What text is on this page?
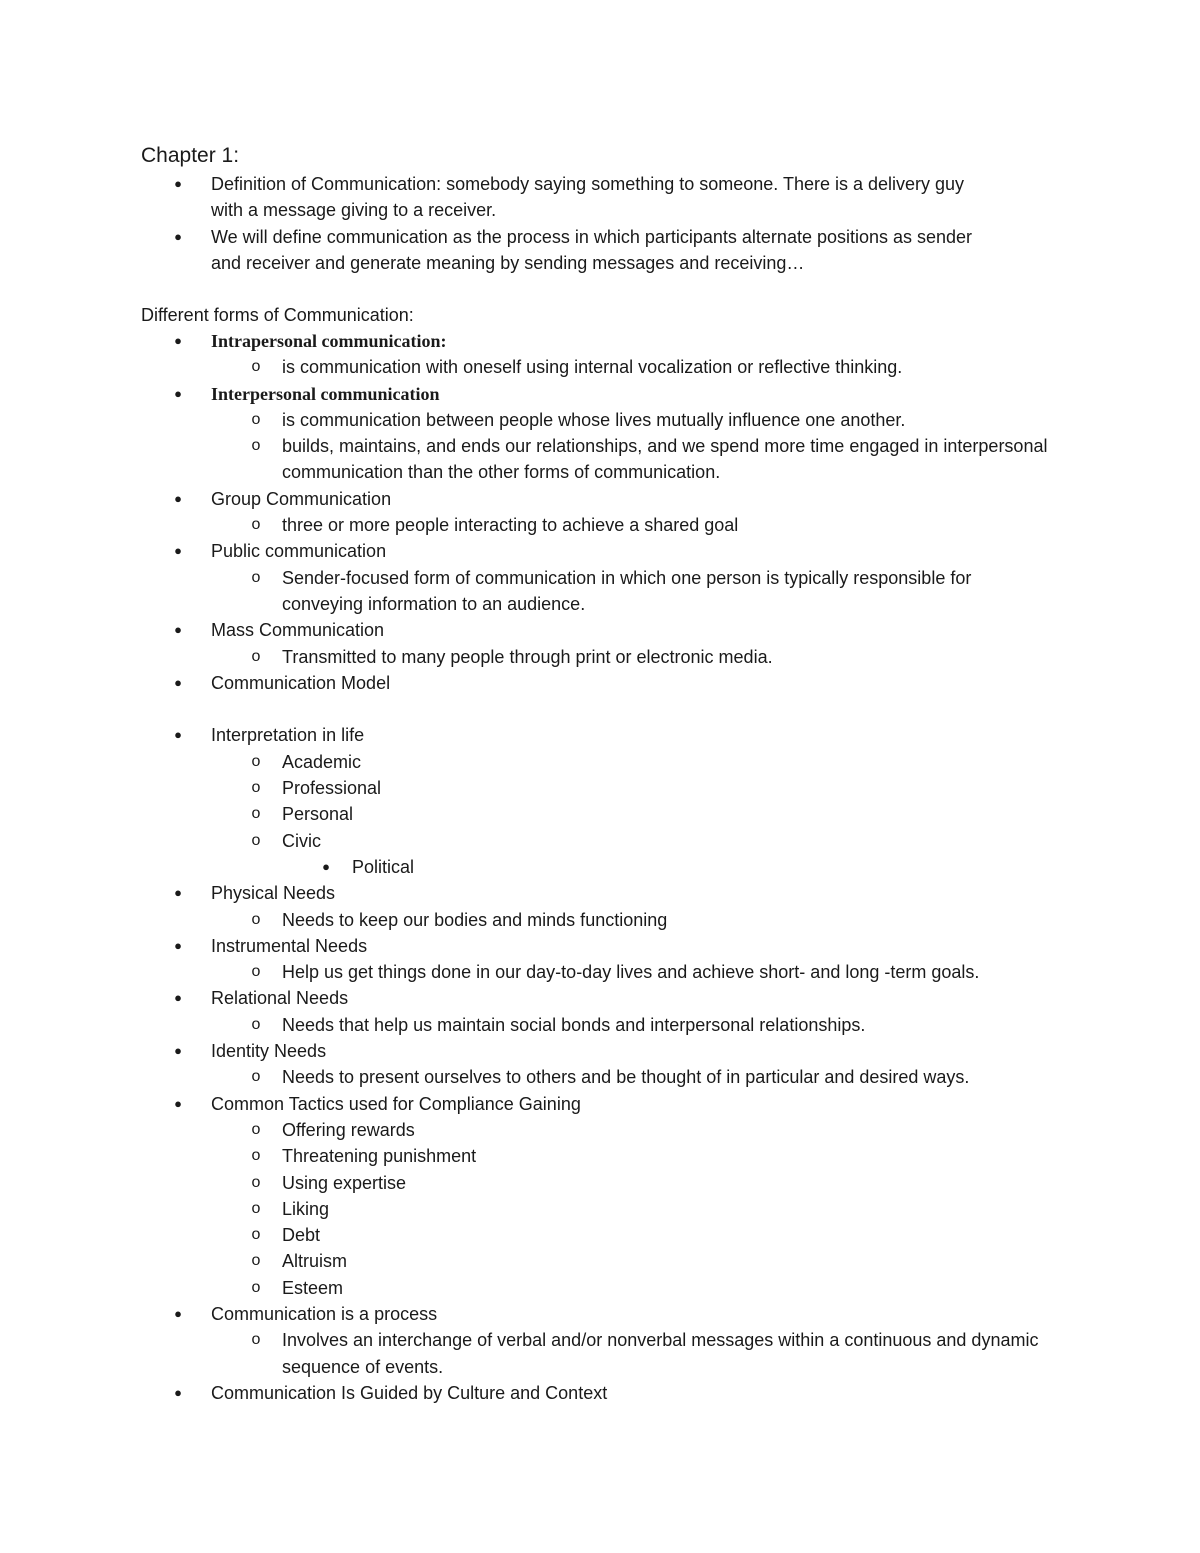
Chapter 1:
●	Definition of Communication: somebody saying something to someone. There is a delivery guy with a message giving to a receiver.
●	We will define communication as the process in which participants alternate positions as sender and receiver and generate meaning by sending messages and receiving…
Different forms of Communication:
●	Intrapersonal communication:
o	is communication with oneself using internal vocalization or reflective thinking.
●	Interpersonal communication
o	is communication between people whose lives mutually influence one another.
o	builds, maintains, and ends our relationships, and we spend more time engaged in interpersonal communication than the other forms of communication.
●	Group Communication
o	three or more people interacting to achieve a shared goal
●	Public communication
o	Sender-focused form of communication in which one person is typically responsible for conveying information to an audience.
●	Mass Communication
o	Transmitted to many people through print or electronic media.
●	Communication Model
●	Interpretation in life
o	Academic
o	Professional
o	Personal
o	Civic
●	Political
●	Physical Needs
o	Needs to keep our bodies and minds functioning
●	Instrumental Needs
o	Help us get things done in our day-to-day lives and achieve short- and long -term goals.
●	Relational Needs
o	Needs that help us maintain social bonds and interpersonal relationships.
●	Identity Needs
o	Needs to present ourselves to others and be thought of in particular and desired ways.
●	Common Tactics used for Compliance Gaining
o	Offering rewards
o	Threatening punishment
o	Using expertise
o	Liking
o	Debt
o	Altruism
o	Esteem
●	Communication is a process
o	Involves an interchange of verbal and/or nonverbal messages within a continuous and dynamic sequence of events.
●	Communication Is Guided by Culture and Context
